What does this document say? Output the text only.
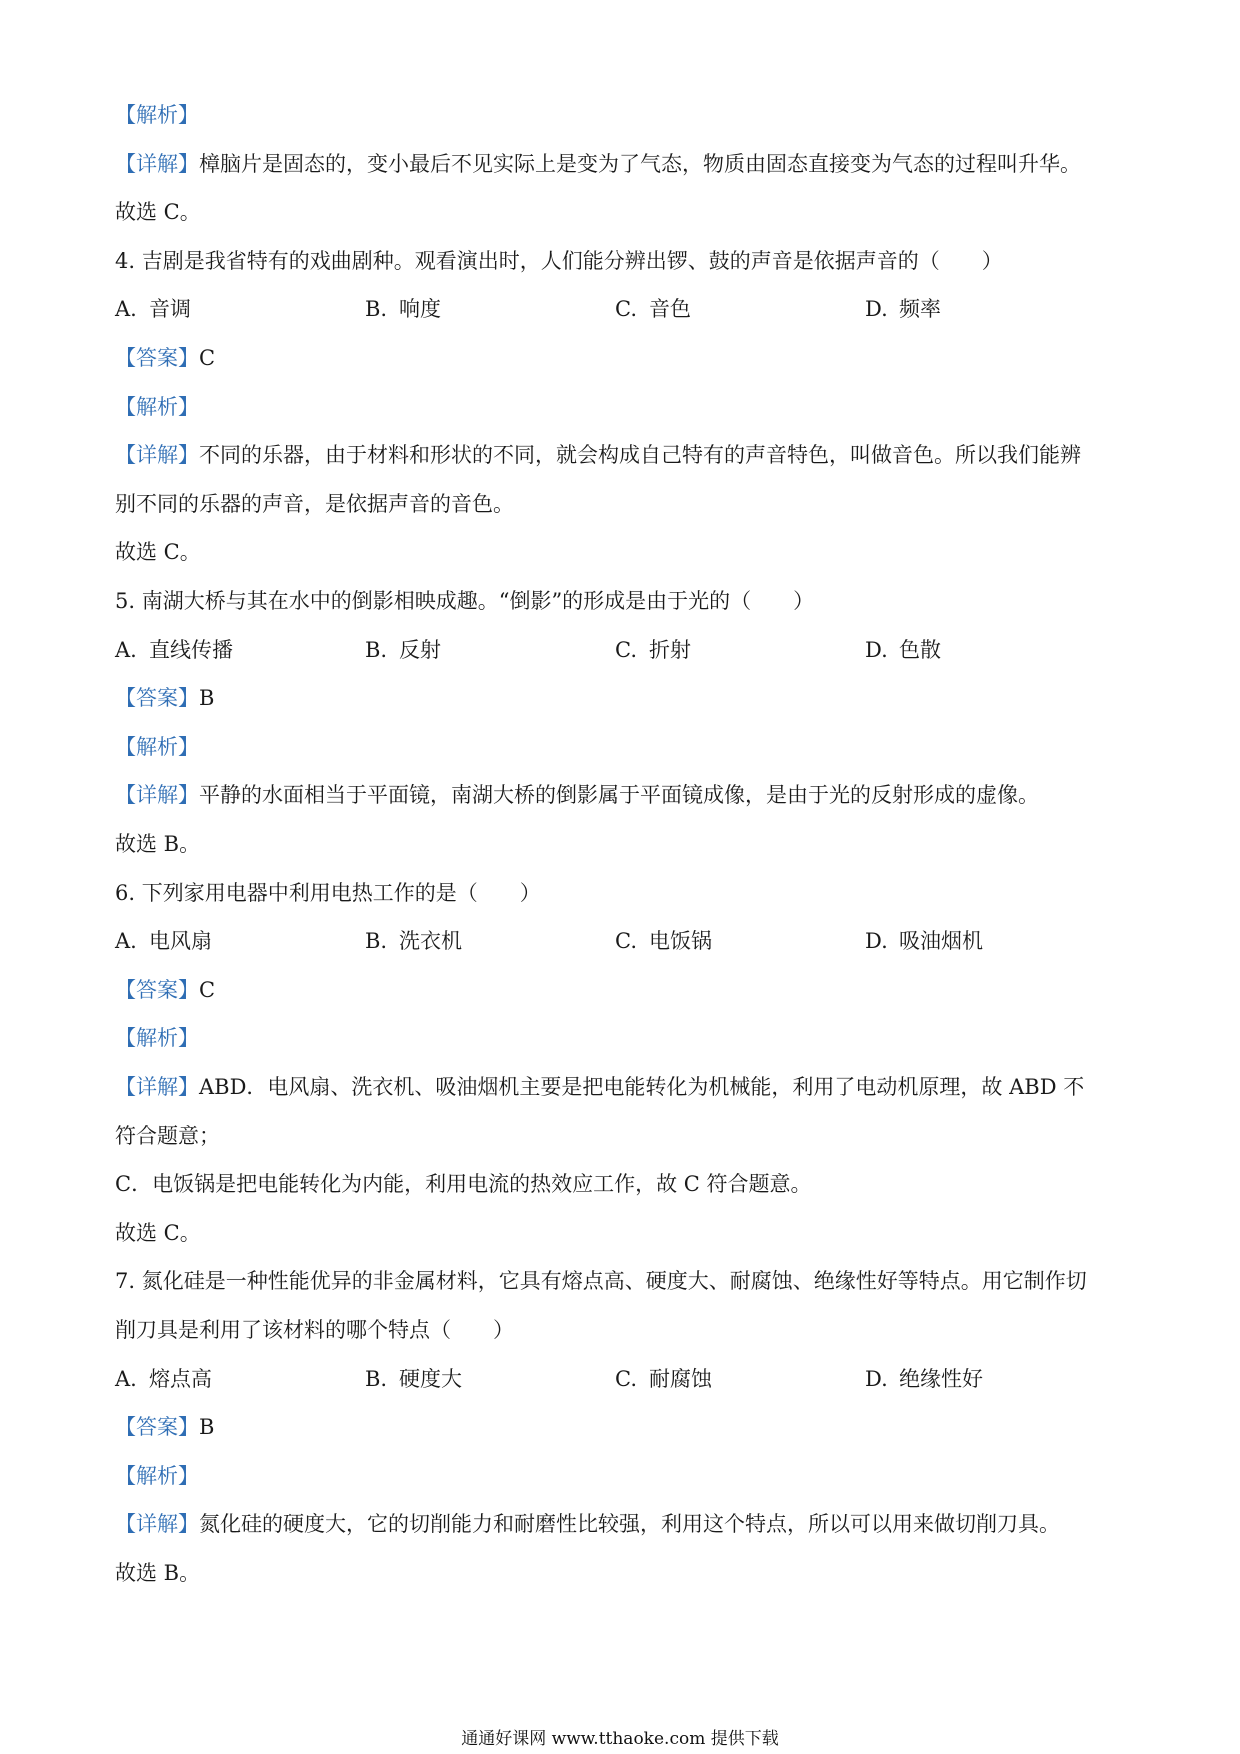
【解析】
【详解】樟脑片是固态的，变小最后不见实际上是变为了气态，物质由固态直接变为气态的过程叫升华。
故选 C。
4. 吉剧是我省特有的戏曲剧种。观看演出时，人们能分辨出锣、鼓的声音是依据声音的（　　）
A. 音调	B. 响度	C. 音色	D. 频率
【答案】C
【解析】
【详解】不同的乐器，由于材料和形状的不同，就会构成自己特有的声音特色，叫做音色。所以我们能辨
别不同的乐器的声音，是依据声音的音色。
故选 C。
5. 南湖大桥与其在水中的倒影相映成趣。“倒影”的形成是由于光的（　　）
A. 直线传播	B. 反射	C. 折射	D. 色散
【答案】B
【解析】
【详解】平静的水面相当于平面镜，南湖大桥的倒影属于平面镜成像，是由于光的反射形成的虚像。
故选 B。
6. 下列家用电器中利用电热工作的是（　　）
A. 电风扇	B. 洗衣机	C. 电饭锅	D. 吸油烟机
【答案】C
【解析】
【详解】ABD．电风扇、洗衣机、吸油烟机主要是把电能转化为机械能，利用了电动机原理，故 ABD 不
符合题意；
C．电饭锅是把电能转化为内能，利用电流的热效应工作，故 C 符合题意。
故选 C。
7. 氮化硅是一种性能优异的非金属材料，它具有熔点高、硬度大、耐腐蚀、绝缘性好等特点。用它制作切
削刀具是利用了该材料的哪个特点（　　）
A. 熔点高	B. 硬度大	C. 耐腐蚀	D. 绝缘性好
【答案】B
【解析】
【详解】氮化硅的硬度大，它的切削能力和耐磨性比较强，利用这个特点，所以可以用来做切削刀具。
故选 B。
通通好课网 www.tthaoke.com 提供下载
